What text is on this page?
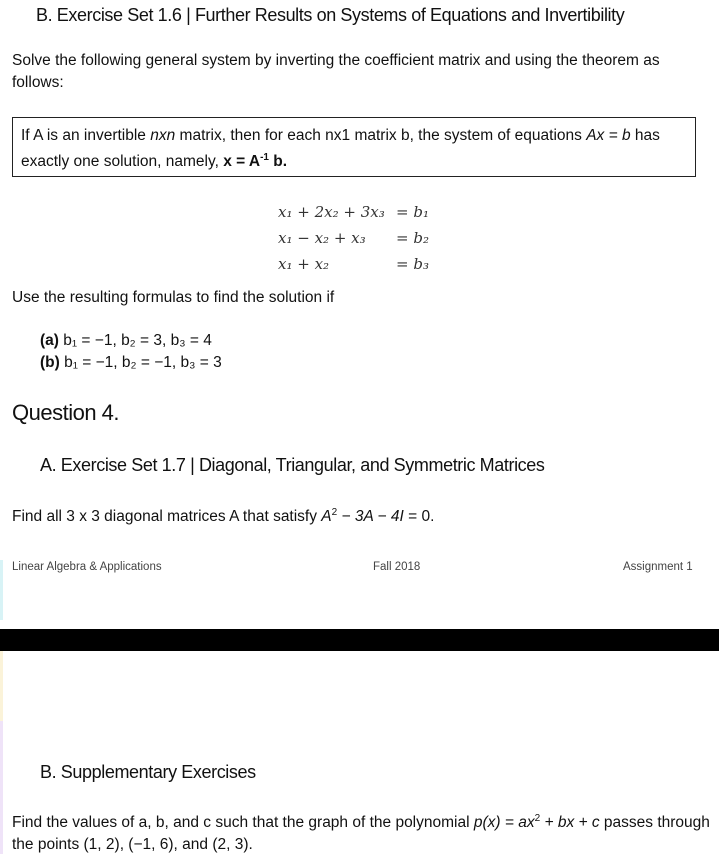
B. Exercise Set 1.6 | Further Results on Systems of Equations and Invertibility
Solve the following general system by inverting the coefficient matrix and using the theorem as follows:
If A is an invertible nxn matrix, then for each nx1 matrix b, the system of equations Ax = b has exactly one solution, namely, $x = A^{-1}$ b.
x₁ + 2x₂ + 3x₃ = b₁
x₁ − x₂ + x₃ = b₂
x₁ + x₂	= b₃
Use the resulting formulas to find the solution if
(a) b₁ = −1, b₂ = 3, b₃ = 4
(b) b₁ = −1, b₂ = −1, b₃ = 3
Question 4.
A. Exercise Set 1.7 | Diagonal, Triangular, and Symmetric Matrices
Find all 3 x 3 diagonal matrices A that satisfy $A^2 - 3A - 4I = 0$.
Linear Algebra & Applications	Fall 2018	Assignment 1
B. Supplementary Exercises
Find the values of a, b, and c such that the graph of the polynomial $p(x) = ax^2$ + bx + c passes through the points (1, 2), (−1, 6), and (2, 3).
